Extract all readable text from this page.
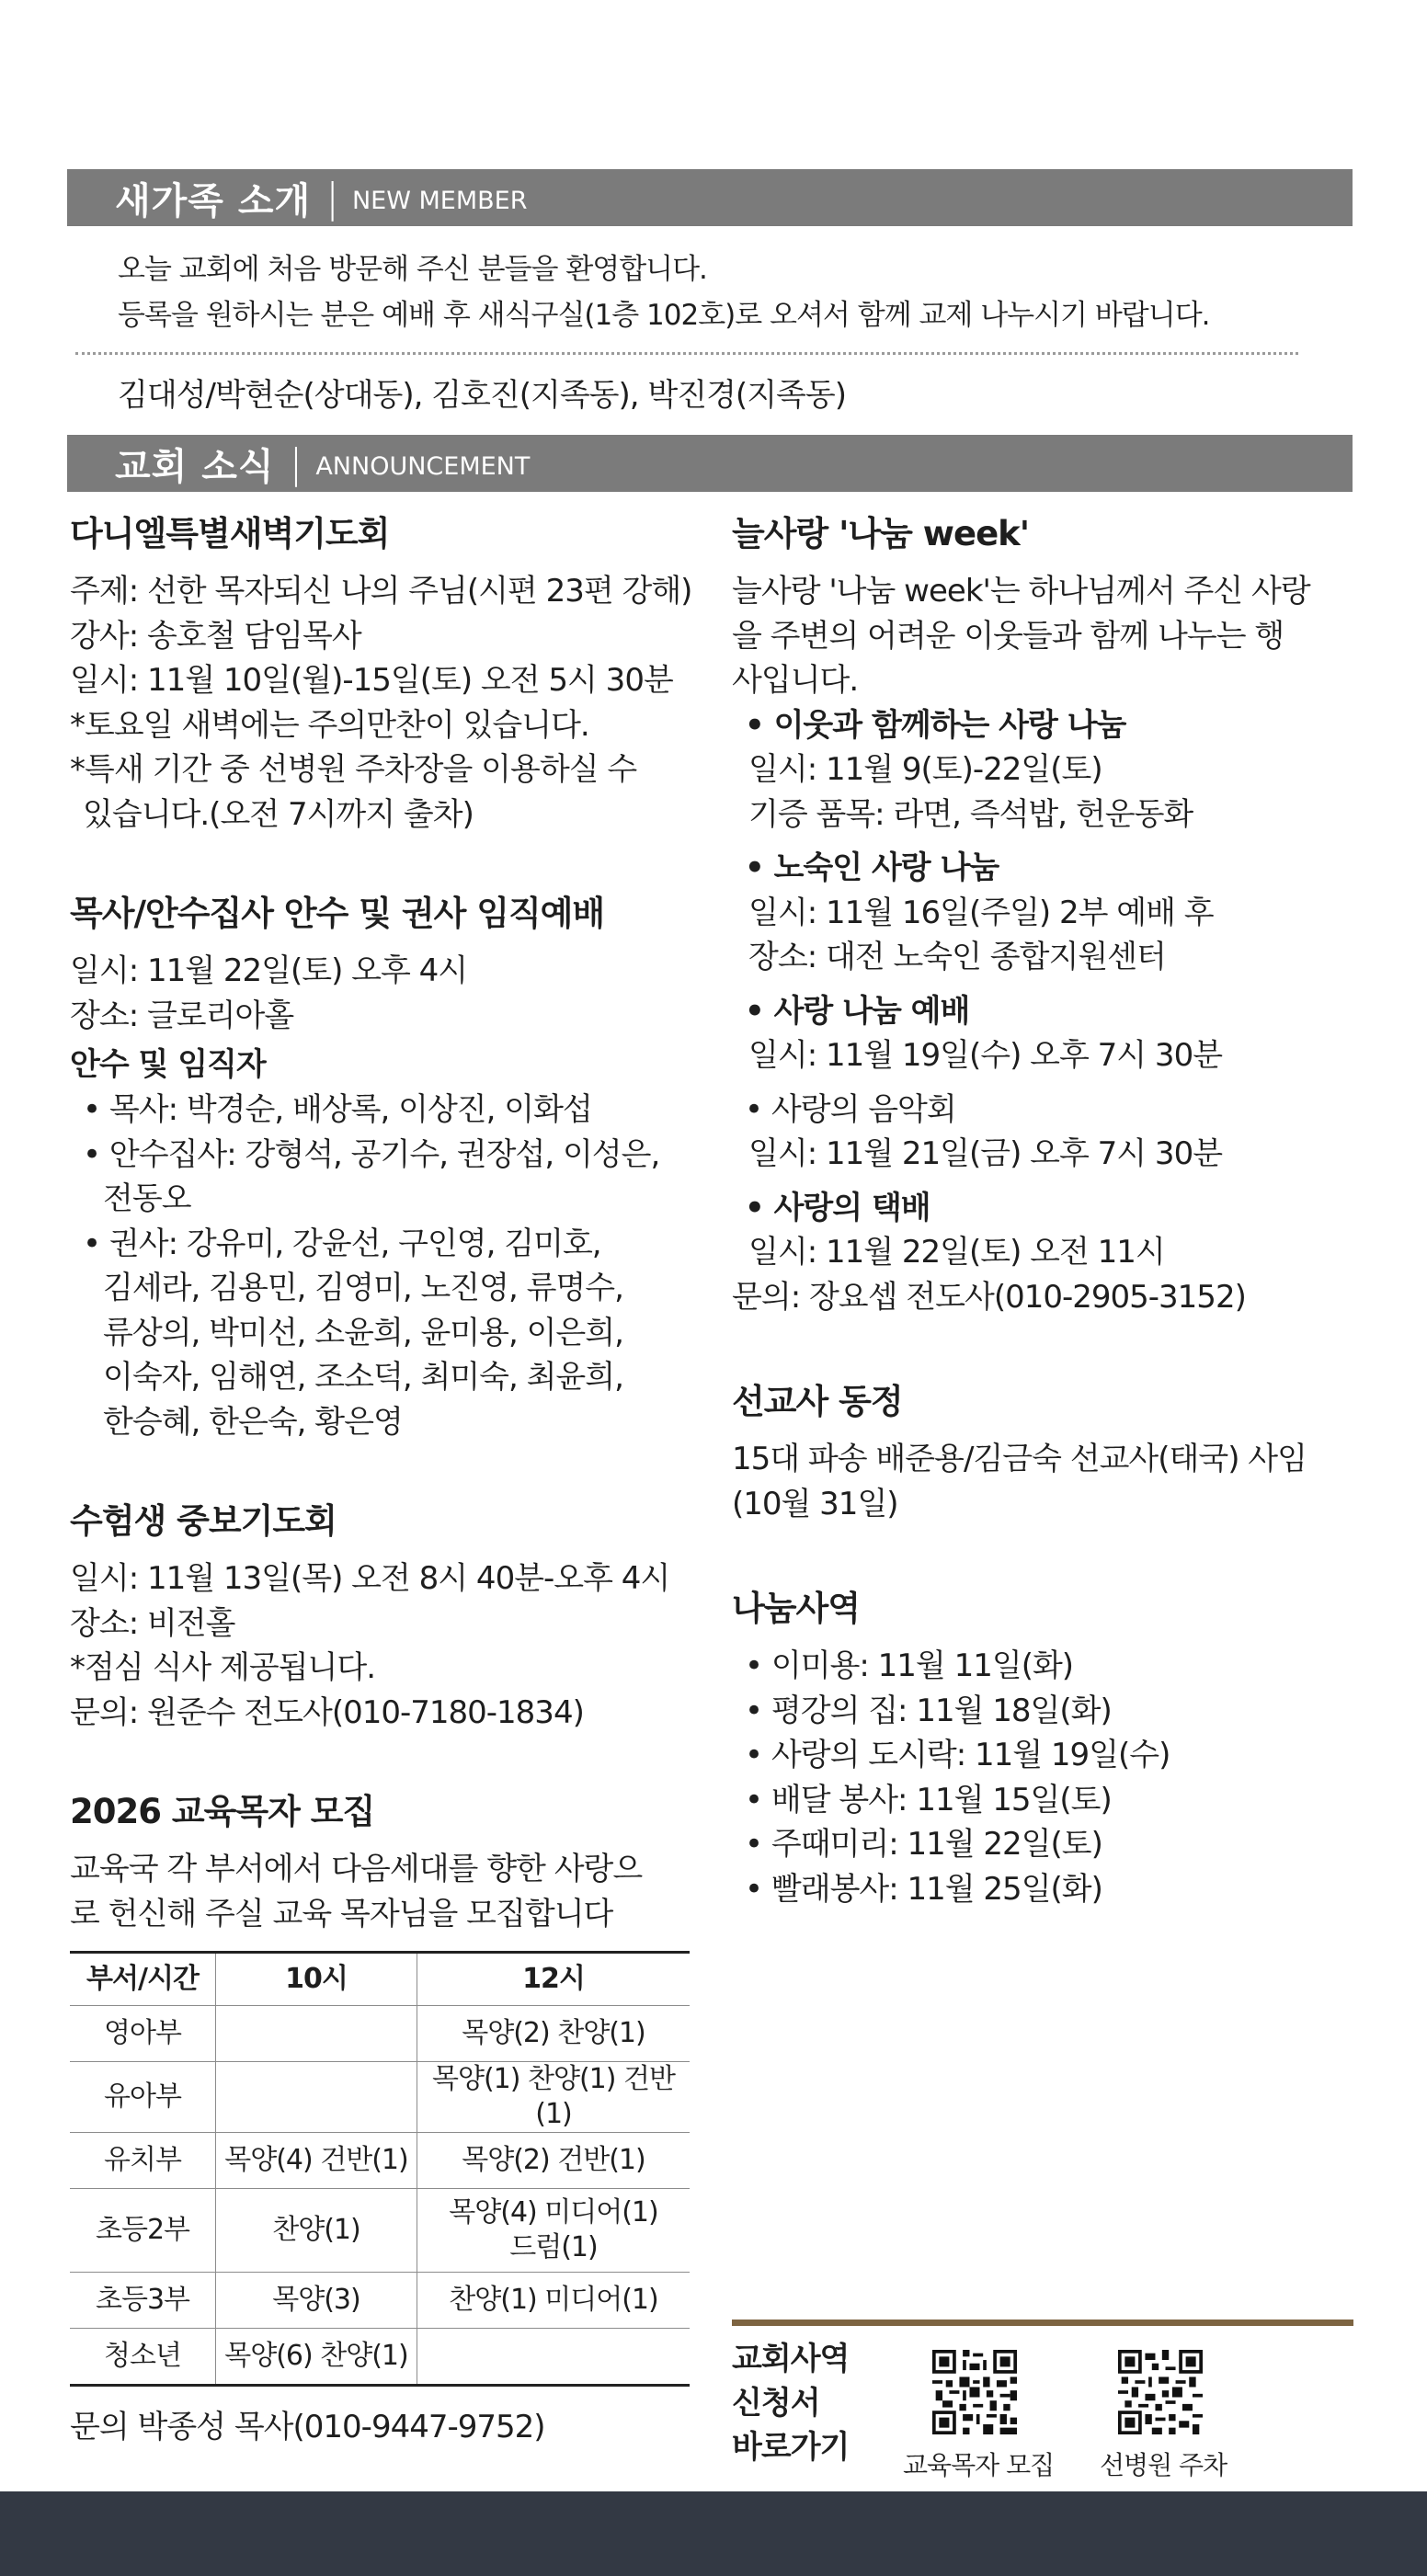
새가족 소개 | NEW MEMBER
오늘 교회에 처음 방문해 주신 분들을 환영합니다.
등록을 원하시는 분은 예배 후 새식구실(1층 102호)로 오셔서 함께 교제 나누시기 바랍니다.
김대성/박현순(상대동), 김호진(지족동), 박진경(지족동)
교회 소식 | ANNOUNCEMENT
다니엘특별새벽기도회
주제: 선한 목자되신 나의 주님(시편 23편 강해)
강사: 송호철 담임목사
일시: 11월 10일(월)-15일(토) 오전 5시 30분
*토요일 새벽에는 주의만찬이 있습니다.
*특새 기간 중 선병원 주차장을 이용하실 수
있습니다.(오전 7시까지 출차)
목사/안수집사 안수 및 권사 임직예배
일시: 11월 22일(토) 오후 4시
장소: 글로리아홀
안수 및 임직자
• 목사: 박경순, 배상록, 이상진, 이화섭
• 안수집사: 강형석, 공기수, 권장섭, 이성은,
전동오
• 권사: 강유미, 강윤선, 구인영, 김미호,
김세라, 김용민, 김영미, 노진영, 류명수,
류상의, 박미선, 소윤희, 윤미용, 이은희,
이숙자, 임해연, 조소덕, 최미숙, 최윤희,
한승혜, 한은숙, 황은영
수험생 중보기도회
일시: 11월 13일(목) 오전 8시 40분-오후 4시
장소: 비전홀
*점심 식사 제공됩니다.
문의: 원준수 전도사(010-7180-1834)
2026 교육목자 모집
교육국 각 부서에서 다음세대를 향한 사랑으
로 헌신해 주실 교육 목자님을 모집합니다
부서/시간	10시	12시
영아부		목양(2) 찬양(1)
유아부		목양(1) 찬양(1) 건반(1)
유치부	목양(4) 건반(1)	목양(2) 건반(1)
초등2부	찬양(1)	목양(4) 미디어(1)
드럼(1)

초등3부	목양(3)	찬양(1) 미디어(1)
청소년	목양(6) 찬양(1)	
문의 박종성 목사(010-9447-9752)
늘사랑 '나눔 week'
늘사랑 '나눔 week'는 하나님께서 주신 사랑
을 주변의 어려운 이웃들과 함께 나누는 행
사입니다.
• 이웃과 함께하는 사랑 나눔
일시: 11월 9(토)-22일(토)
기증 품목: 라면, 즉석밥, 헌운동화
• 노숙인 사랑 나눔
일시: 11월 16일(주일) 2부 예배 후
장소: 대전 노숙인 종합지원센터
• 사랑 나눔 예배
일시: 11월 19일(수) 오후 7시 30분
• 사랑의 음악회
일시: 11월 21일(금) 오후 7시 30분
• 사랑의 택배
일시: 11월 22일(토) 오전 11시
문의: 장요셉 전도사(010-2905-3152)
선교사 동정
15대 파송 배준용/김금숙 선교사(태국) 사임
(10월 31일)
나눔사역
• 이미용: 11월 11일(화)
• 평강의 집: 11월 18일(화)
• 사랑의 도시락: 11월 19일(수)
• 배달 봉사: 11월 15일(토)
• 주때미리: 11월 22일(토)
• 빨래봉사: 11월 25일(화)
교회사역
신청서
바로가기 교육목자 모집 선병원 주차
